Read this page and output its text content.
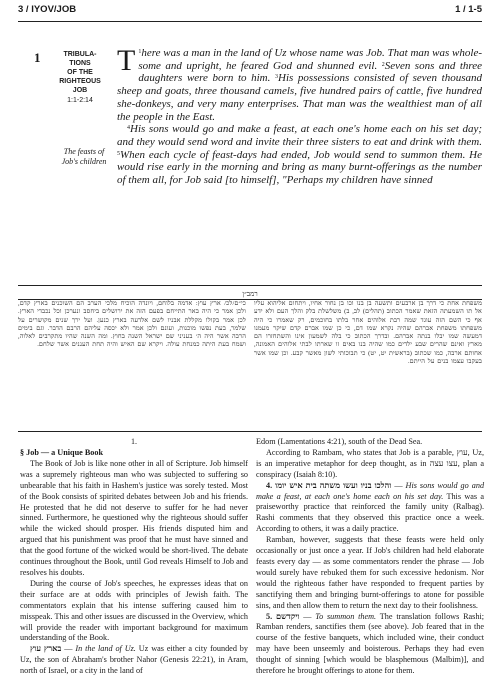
3 / IYOV/JOB	1 / 1-5
1	TRIBULA-
TIONS
OF THE
RIGHTEOUS
JOB
1:1-2:14
The feasts of Job's children
T $^1$here was a man in the land of Uz whose name was Job. That man was whole-some and upright, he feared God and shunned evil. $^2$Seven sons and three daughters were born to him. $^3$His possessions consisted of seven thousand sheep and goats, three thousand camels, five hundred pairs of cattle, five hundred she-donkeys, and very many enterprises. That man was the wealthiest man of all the people in the East.
$^4$His sons would go and make a feast, at each one's home each on his set day; and they would send word and invite their three sisters to eat and drink with them. $^5$When each cycle of feast-days had ended, Job would send to summon them. He would rise early in the morning and bring as many burnt-offerings as the number of them all, for Job said [to himself], "Perhaps my children have sinned
רמב״ן
משפחת אחת כי דרך בן ארבעים ותשעה בן בנו וכו בן נחור אחיו, ויתחום אליהוא עליו אל תו השמעתה הזאת שאמר הכתוב (תהלים) לב, ב) משלשלת בלק והלך העם ולא ידע אף כי השם הזה עוגד שמה רבת אלוהים אחר בלתו בחוכמים, רק שאמרו כי היה משפחתו משפחת אברהם שהיה נקרא שמו דם, כי כן שמו אברם קדם שיקר מעמנו דמעשה שמו יבלו בנתה אברהם. ובדרך הכתוב כי בלה לשמעון אינו והשתחזרו הם מארץ ואינם שהרים שבע ילדים כמו שהיה בנו באים זו שארתו לבתי אלוהים האמונה, אחותם ארבה, כמו שכתוב (בראשית יט, יט) כי תבוכותי לשון מאשר קבע. וכן שמו אשר בעקבו עצמו בנים על הייתם.
כי״ם/לכ/ ארץ עוץ: אדמה בלוחם, ויונדה הוכיח מלכי הערב הם השוכנים בארץ קדם, ולכן אמר כי היה באר התייחם בפעם הזה את ירושלים ביחסב ונערכן וכל נכבדי הארץ. לכן אמר בקולו מקללת אבניו לשם אלדעה בארץ כנען. ועל ירך שנים מקושרים על שלמר, בעת נפשו מוכנות, ועונם ולכן אמר ולא יכסה עליהם הרבם הדבר. וגם בימים הרבה אשר היה ה׳ בעניני שם ישראל השנה בחוץ. ומה השנה שהיו מתקרבים לאלוה, ושמח בעת היתה כמנחת עולה. ויקרא שם האיש והיה תחת העננים אשר שלחם.
1.

§ Job — a Unique Book

The Book of Job is like none other in all of Scripture. Job himself was a supremely righteous man who was subjected to suffering so unbearable that his faith in Hashem's justice was sorely tested. Most of the Book consists of spirited debates between Job and his friends. He protested that he did not deserve to suffer for he had never sinned. Furthermore, he questioned why the righteous should suffer while the wicked should prosper. His friends disputed him and argued that his punishment was proof that he must have sinned and that the good fortune of the wicked would be short-lived. The debate continues throughout the Book, until God reveals Himself to Job and resolves his doubts.

During the course of Job's speeches, he expresses ideas that on their surface are at odds with principles of Jewish faith. The commentators explain that his intense suffering caused him to misspeak. This and other issues are discussed in the Overview, which will provide the reader with important background for maximum understanding of the Book.

בארץ עוץ — In the land of Uz. Uz was either a city founded by Uz, the son of Abraham's brother Nahor (Genesis 22:21), in Aram, north of Israel, or a city in the land of

Edom (Lamentations 4:21), south of the Dead Sea.

According to Rambam, who states that Job is a parable, עוץ, Uz, is an imperative metaphor for deep thought, as in עצו עצה, plan a conspiracy (Isaiah 8:10).

4. והלכו בניו ועשו משתה בית איש יומו — His sons would go and make a feast, at each one's home each on his set day. This was a praiseworthy practice that reinforced the family unity (Ralbag). Rashi comments that they observed this practice once a week. According to others, it was a daily practice.

Ramban, however, suggests that these feasts were held only occasionally or just once a year. If Job's children had held elaborate feasts every day — as some commentators render the phrase — Job would surely have rebuked them for such excessive hedonism. Nor would the righteous father have responded to frequent parties by sanctifying them and bringing burnt-offerings to atone for possible sins, and then allow them to return the next day to their foolishness.

5. ויקדשם — To summon them. The translation follows Rashi; Ramban renders, sanctifies them (see above). Job feared that in the course of the festive banquets, which included wine, their conduct may have been unseemly and boisterous. Perhaps they had even thought of sinning [which would be blasphemous (Malbim)], and therefore he brought offerings to atone for them.
